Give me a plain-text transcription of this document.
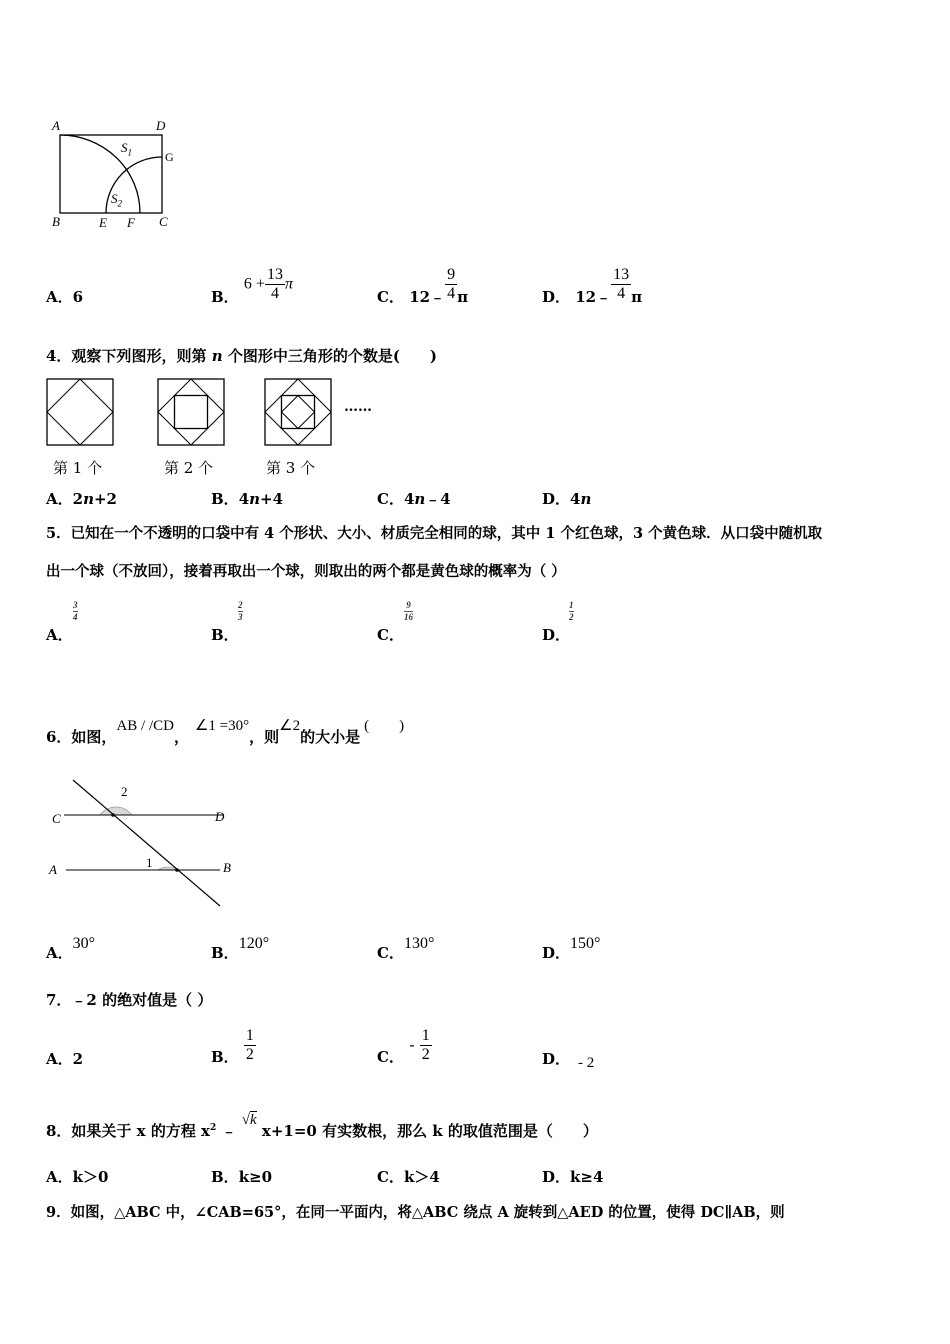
A	D
G
B	E F C
$S_1$
$S_2$
A．6	B． $6 + \frac{13}{4}$ π
C． 12﹣ $\frac{9}{4}$ π	D． 12﹣ $\frac{13}{4}$ π
4．观察下列图形，则第 n 个图形中三角形的个数是(　　)
……
第 1 个	第 2 个	第 3 个
A．2n+2	B．4n+4	C．4n﹣4	D．4n
5．已知在一个不透明的口袋中有 4 个形状、大小、材质完全相同的球，其中 1 个红色球，3 个黄色球．从口袋中随机取
出一个球（不放回），接着再取出一个球，则取出的两个都是黄色球的概率为（ ）
$\frac{3}{4}$

A．
$\frac{2}{3}$

B．
$\frac{9}{16}$

C．
$\frac{1}{2}$

D．
6．如图，AB / /CD，∠1 =30°，则∠2的大小是(　　)
C	D
A	B
1
2
A．30°
B．120°
C．130°
D．150°
7．﹣2 的绝对值是（ ）
A．2	B． $\frac{1}{2}$	C． - $\frac{1}{2}$	D． - 2
8．如果关于 x 的方程 $x^2$ ﹣ √k x+1=0 有实数根，那么 k 的取值范围是（　　）
A．k＞0	B．k≥0	C．k＞4	D．k≥4
9．如图，△ABC 中，∠CAB=65°，在同一平面内，将△ABC 绕点 A 旋转到△AED 的位置，使得 DC∥AB，则
